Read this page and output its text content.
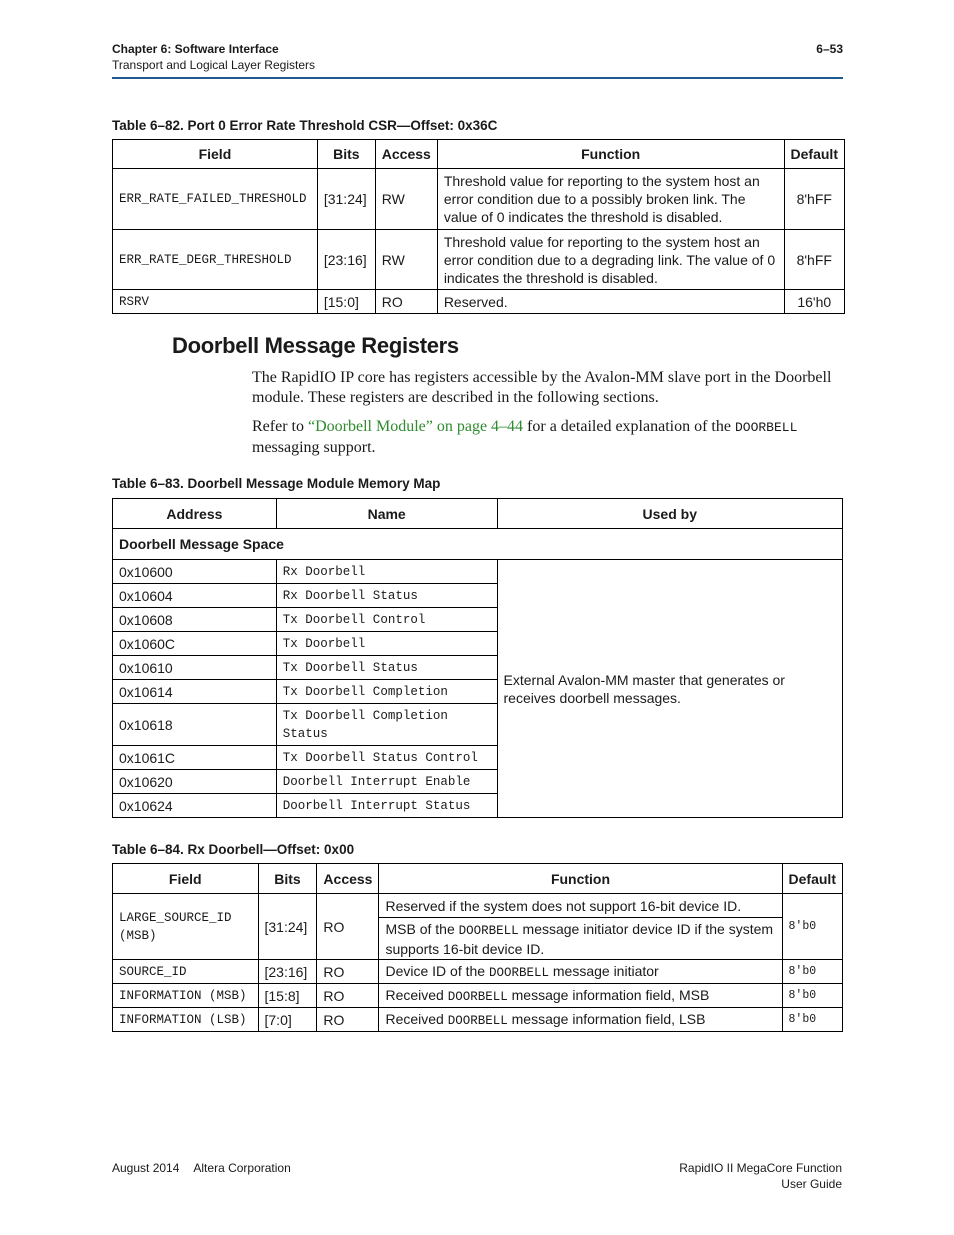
Chapter 6: Software Interface
Transport and Logical Layer Registers
6–53
Table 6–82. Port 0 Error Rate Threshold CSR—Offset: 0x36C
Field	Bits	Access	Function	Default
ERR_RATE_FAILED_THRESHOLD	[31:24]	RW	Threshold value for reporting to the system host an error condition due to a possibly broken link. The value of 0 indicates the threshold is disabled.	8'hFF
ERR_RATE_DEGR_THRESHOLD	[23:16]	RW	Threshold value for reporting to the system host an error condition due to a degrading link. The value of 0 indicates the threshold is disabled.	8'hFF
RSRV	[15:0]	RO	Reserved.	16'h0
Doorbell Message Registers
The RapidIO IP core has registers accessible by the Avalon-MM slave port in the Doorbell module. These registers are described in the following sections.
Refer to “Doorbell Module” on page 4–44 for a detailed explanation of the DOORBELL messaging support.
Table 6–83. Doorbell Message Module Memory Map
Address	Name	Used by
Doorbell Message Space		
0x10600	Rx Doorbell	External Avalon-MM master that generates or receives doorbell messages.
0x10604	Rx Doorbell Status	
0x10608	Tx Doorbell Control	
0x1060C	Tx Doorbell	
0x10610	Tx Doorbell Status	
0x10614	Tx Doorbell Completion	
0x10618	Tx Doorbell Completion Status	
0x1061C	Tx Doorbell Status Control	
0x10620	Doorbell Interrupt Enable	
0x10624	Doorbell Interrupt Status	
Table 6–84. Rx Doorbell—Offset: 0x00
Field	Bits	Access	Function	Default
LARGE_SOURCE_ID (MSB)	[31:24]	RO	Reserved if the system does not support 16-bit device ID.	8'b0
			MSB of the DOORBELL message initiator device ID if the system supports 16-bit device ID.	
SOURCE_ID	[23:16]	RO	Device ID of the DOORBELL message initiator	8'b0
INFORMATION (MSB)	[15:8]	RO	Received DOORBELL message information field, MSB	8'b0
INFORMATION (LSB)	[7:0]	RO	Received DOORBELL message information field, LSB	8'b0
August 2014 Altera Corporation	RapidIO II MegaCore Function
User Guide
